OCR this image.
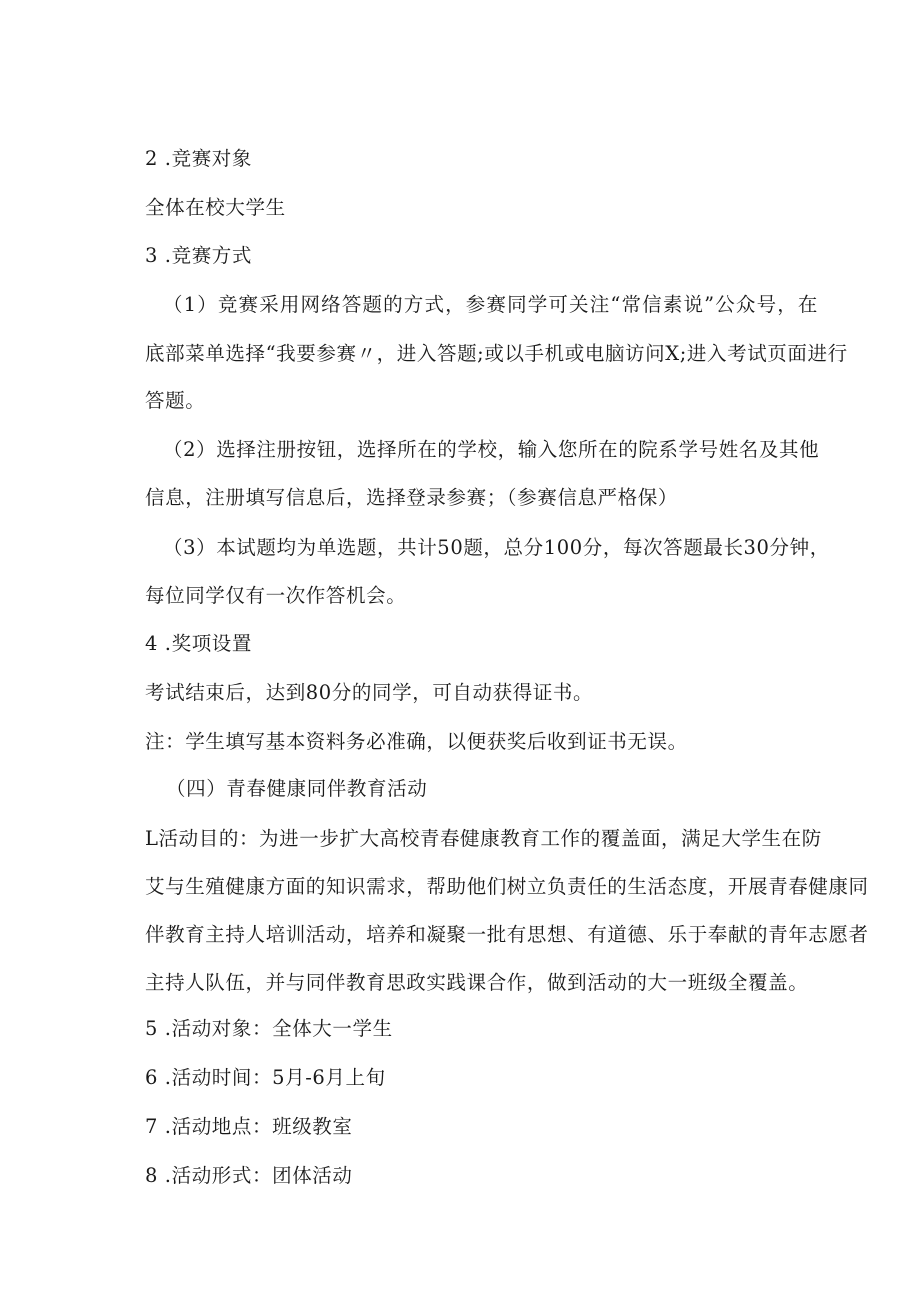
2 .竞赛对象
全体在校大学生
3 .竞赛方式
（1）竞赛采用网络答题的方式，参赛同学可关注“常信素说”公众号，在
底部菜单选择“我要参赛〃，进入答题;或以手机或电脑访问X;进入考试页面进行
答题。
（2）选择注册按钮，选择所在的学校，输入您所在的院系学号姓名及其他
信息，注册填写信息后，选择登录参赛；（参赛信息严格保）
（3）本试题均为单选题，共计50题，总分100分，每次答题最长30分钟，
每位同学仅有一次作答机会。
4 .奖项设置
考试结束后，达到80分的同学，可自动获得证书。
注：学生填写基本资料务必准确，以便获奖后收到证书无误。
（四）青春健康同伴教育活动
L活动目的：为进一步扩大高校青春健康教育工作的覆盖面，满足大学生在防
艾与生殖健康方面的知识需求，帮助他们树立负责任的生活态度，开展青春健康同
伴教育主持人培训活动，培养和凝聚一批有思想、有道德、乐于奉献的青年志愿者
主持人队伍，并与同伴教育思政实践课合作，做到活动的大一班级全覆盖。
5 .活动对象：全体大一学生
6 .活动时间：5月-6月上旬
7 .活动地点：班级教室
8 .活动形式：团体活动
